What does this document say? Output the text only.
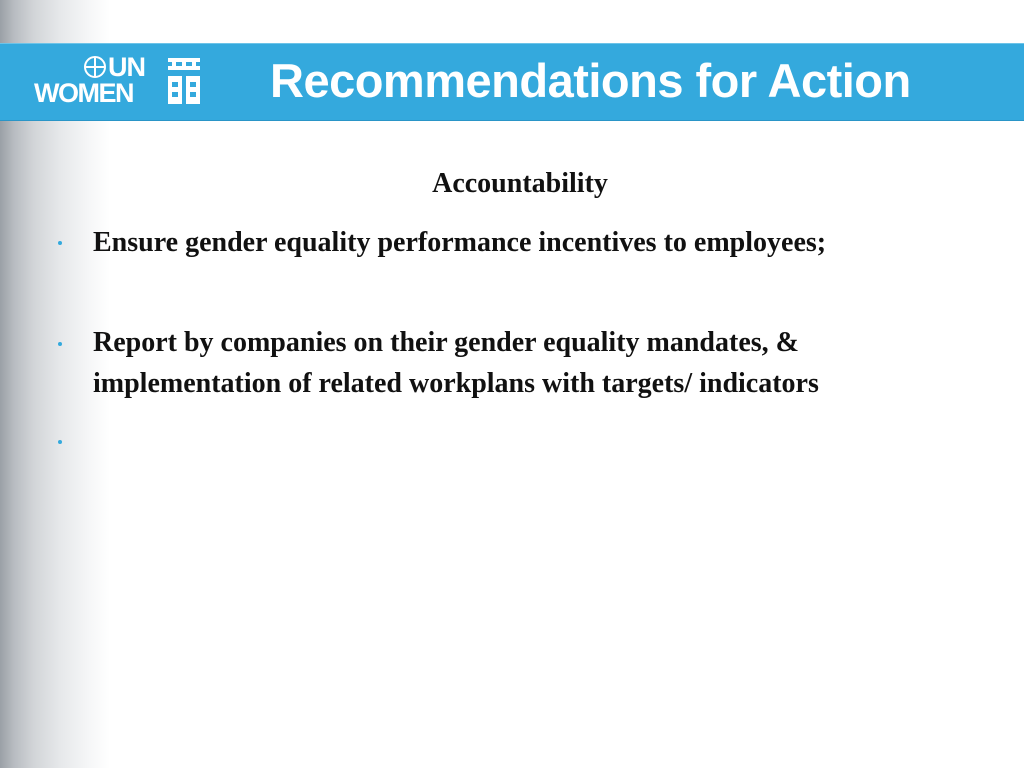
UN
WOMEN	Recommendations for Action
Accountability
Ensure gender equality performance incentives to employees;
Report by companies on their gender equality mandates, & implementation of related workplans with targets/ indicators
